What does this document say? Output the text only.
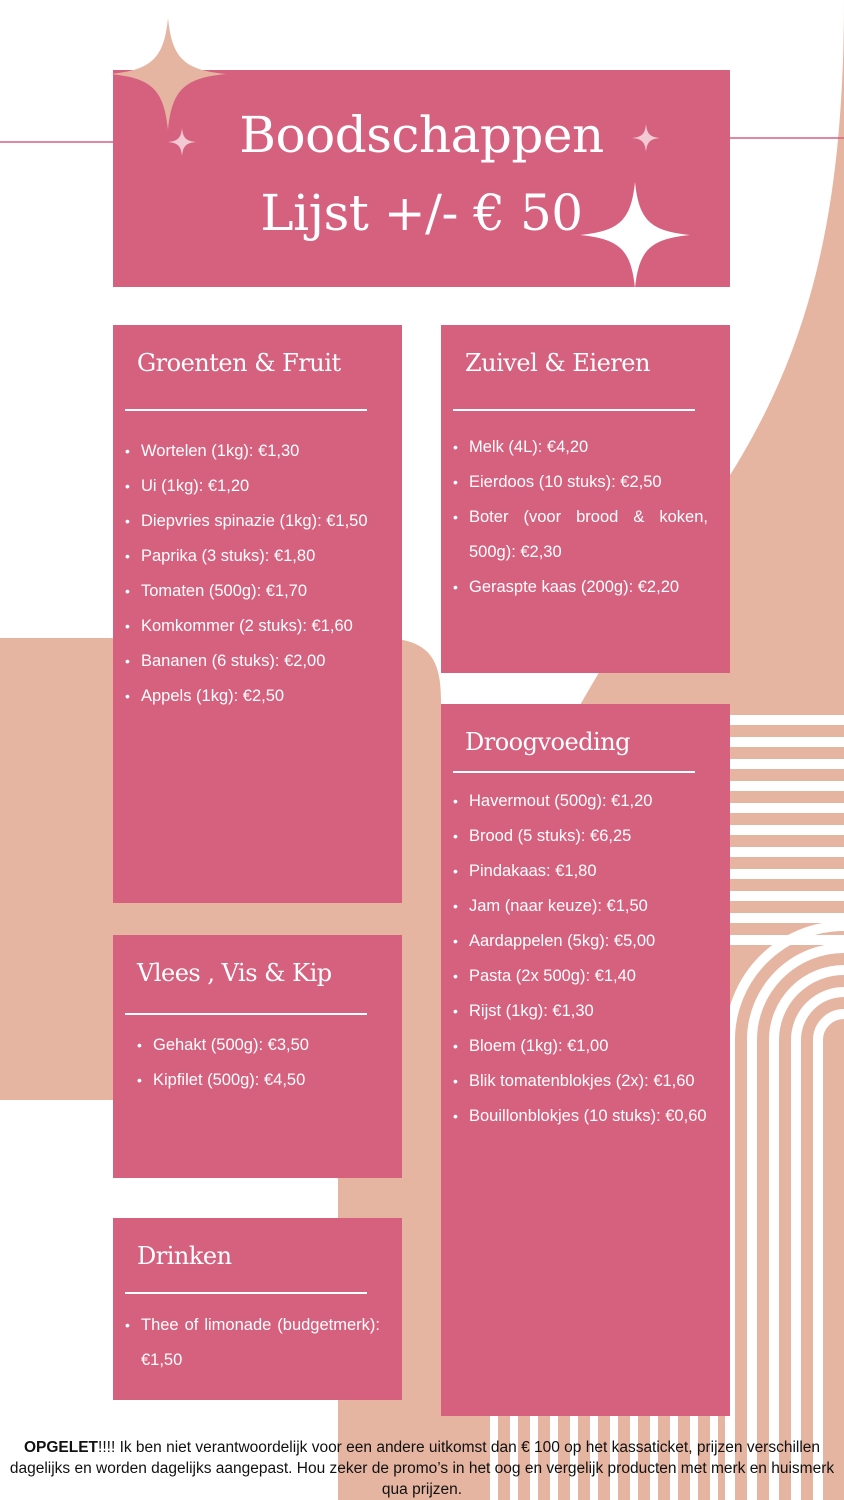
Boodschappen
Lijst +/- € 50
Groenten & Fruit
• Wortelen (1kg): €1,30
• Ui (1kg): €1,20
• Diepvries spinazie (1kg): €1,50
• Paprika (3 stuks): €1,80
• Tomaten (500g): €1,70
• Komkommer (2 stuks): €1,60
• Bananen (6 stuks): €2,00
• Appels (1kg): €2,50
Zuivel & Eieren
• Melk (4L): €4,20
• Eierdoos (10 stuks): €2,50
• Boter (voor brood & koken, 500g): €2,30
• Geraspte kaas (200g): €2,20
Vlees , Vis & Kip
• Gehakt (500g): €3,50
• Kipfilet (500g): €4,50
Drinken
• Thee of limonade (budgetmerk): €1,50
Droogvoeding
• Havermout (500g): €1,20
• Brood (5 stuks): €6,25
• Pindakaas: €1,80
• Jam (naar keuze): €1,50
• Aardappelen (5kg): €5,00
• Pasta (2x 500g): €1,40
• Rijst (1kg): €1,30
• Bloem (1kg): €1,00
• Blik tomatenblokjes (2x): €1,60
• Bouillonblokjes (10 stuks): €0,60
OPGELET!!!! Ik ben niet verantwoordelijk voor een andere uitkomst dan € 100 op het kassaticket, prijzen verschillen dagelijks en worden dagelijks aangepast. Hou zeker de promo’s in het oog en vergelijk producten met merk en huismerk qua prijzen.
